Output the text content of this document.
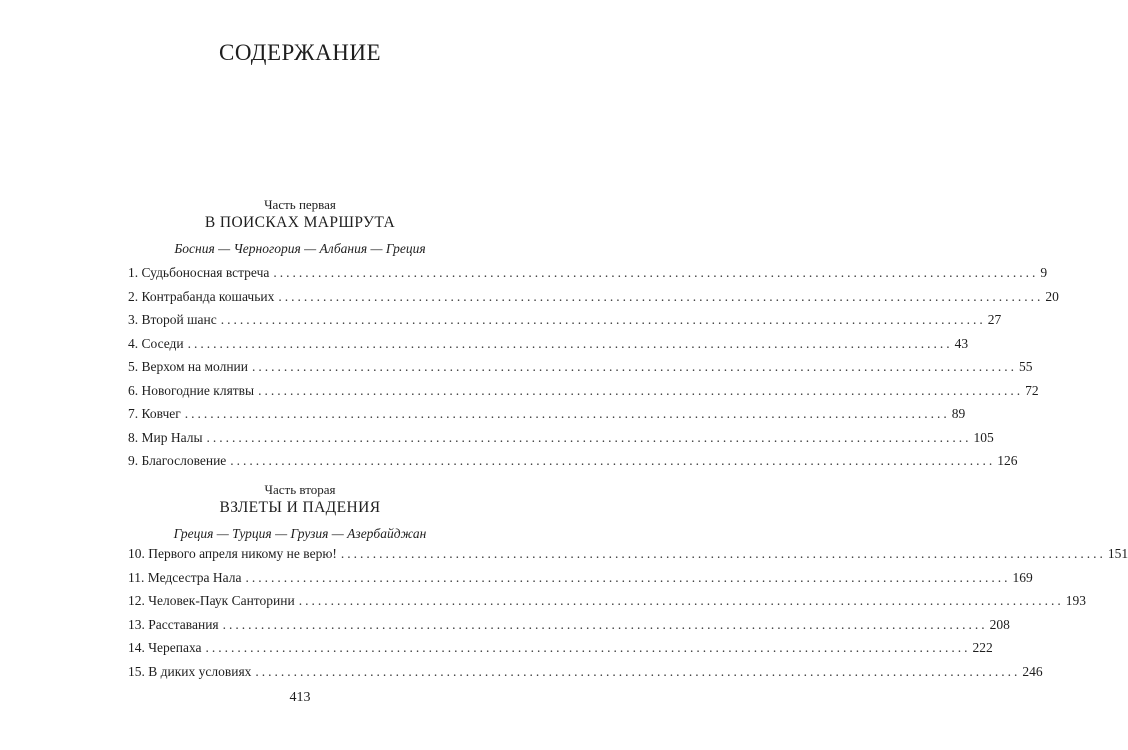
СОДЕРЖАНИЕ
Часть первая
В ПОИСКАХ МАРШРУТА
Босния — Черногория — Албания — Греция
1. Судьбоносная встреча ........................................................................................................................ 9
2. Контрабанда кошачьих ........................................................................................................................ 20
3. Второй шанс ........................................................................................................................ 27
4. Соседи ........................................................................................................................ 43
5. Верхом на молнии ........................................................................................................................ 55
6. Новогодние клятвы ........................................................................................................................ 72
7. Ковчег ........................................................................................................................ 89
8. Мир Налы ........................................................................................................................ 105
9. Благословение ........................................................................................................................ 126
Часть вторая
ВЗЛЕТЫ И ПАДЕНИЯ
Греция — Турция — Грузия — Азербайджан
10. Первого апреля никому не верю! ........................................................................................................................ 151
11. Медсестра Нала ........................................................................................................................ 169
12. Человек-Паук Санторини ........................................................................................................................ 193
13. Расставания ........................................................................................................................ 208
14. Черепаха ........................................................................................................................ 222
15. В диких условиях ........................................................................................................................ 246
413
